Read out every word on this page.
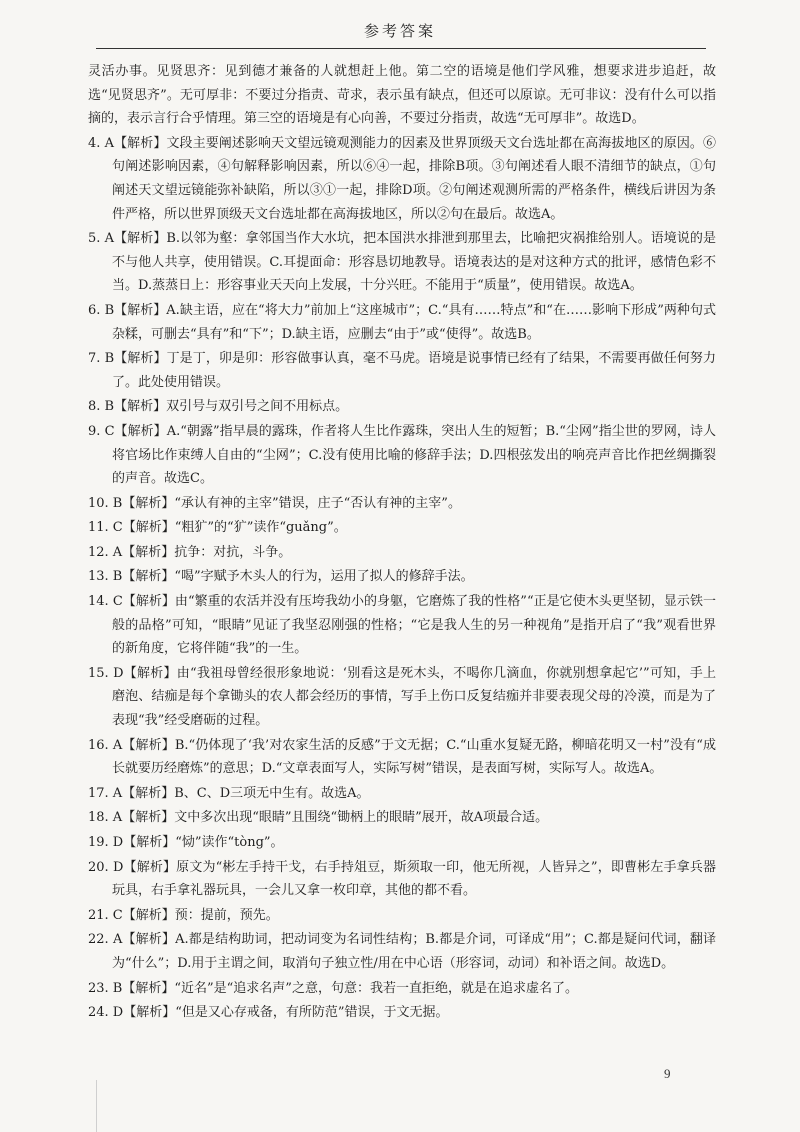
参考答案

灵活办事。见贤思齐：见到德才兼备的人就想赶上他。第二空的语境是他们学风雅，想要求进步追赶，故选“见贤思齐”。无可厚非：不要过分指责、苛求，表示虽有缺点，但还可以原谅。无可非议：没有什么可以指摘的，表示言行合乎情理。第三空的语境是有心向善，不要过分指责，故选“无可厚非”。故选D。

4. A【解析】文段主要阐述影响天文望远镜观测能力的因素及世界顶级天文台选址都在高海拔地区的原因。⑥句阐述影响因素，④句解释影响因素，所以⑥④一起，排除B项。③句阐述看人眼不清细节的缺点，①句阐述天文望远镜能弥补缺陷，所以③①一起，排除D项。②句阐述观测所需的严格条件，横线后讲因为条件严格，所以世界顶级天文台选址都在高海拔地区，所以②句在最后。故选A。

5. A【解析】B.以邻为壑：拿邻国当作大水坑，把本国洪水排泄到那里去，比喻把灾祸推给别人。语境说的是不与他人共享，使用错误。C.耳提面命：形容恳切地教导。语境表达的是对这种方式的批评，感情色彩不当。D.蒸蒸日上：形容事业天天向上发展，十分兴旺。不能用于“质量”，使用错误。故选A。

6. B【解析】A.缺主语，应在“将大力”前加上“这座城市”；C.“具有……特点”和“在……影响下形成”两种句式杂糅，可删去“具有”和“下”；D.缺主语，应删去“由于”或“使得”。故选B。

7. B【解析】丁是丁，卯是卯：形容做事认真，毫不马虎。语境是说事情已经有了结果，不需要再做任何努力了。此处使用错误。

8. B【解析】双引号与双引号之间不用标点。

9. C【解析】A.“朝露”指早晨的露珠，作者将人生比作露珠，突出人生的短暂；B.“尘网”指尘世的罗网，诗人将官场比作束缚人自由的“尘网”；C.没有使用比喻的修辞手法；D.四根弦发出的响亮声音比作把丝绸撕裂的声音。故选C。

10. B【解析】“承认有神的主宰”错误，庄子“否认有神的主宰”。

11. C【解析】“粗犷”的“犷”读作“guǎng”。

12. A【解析】抗争：对抗，斗争。

13. B【解析】“喝”字赋予木头人的行为，运用了拟人的修辞手法。

14. C【解析】由“繁重的农活并没有压垮我幼小的身躯，它磨炼了我的性格”“正是它使木头更坚韧，显示铁一般的品格”可知，“眼睛”见证了我坚忍刚强的性格；“它是我人生的另一种视角”是指开启了“我”观看世界的新角度，它将伴随“我”的一生。

15. D【解析】由“我祖母曾经很形象地说：‘别看这是死木头，不喝你几滴血，你就别想拿起它’”可知，手上磨泡、结痂是每个拿锄头的农人都会经历的事情，写手上伤口反复结痂并非要表现父母的冷漠，而是为了表现“我”经受磨砺的过程。

16. A【解析】B.“仍体现了‘我’对农家生活的反感”于文无据；C.“山重水复疑无路，柳暗花明又一村”没有“成长就要历经磨炼”的意思；D.“文章表面写人，实际写树”错误，是表面写树，实际写人。故选A。

17. A【解析】B、C、D三项无中生有。故选A。

18. A【解析】文中多次出现“眼睛”且围绕“锄柄上的眼睛”展开，故A项最合适。

19. D【解析】“恸”读作“tòng”。

20. D【解析】原文为“彬左手持干戈，右手持俎豆，斯须取一印，他无所视，人皆异之”，即曹彬左手拿兵器玩具，右手拿礼器玩具，一会儿又拿一枚印章，其他的都不看。

21. C【解析】预：提前，预先。

22. A【解析】A.都是结构助词，把动词变为名词性结构；B.都是介词，可译成“用”；C.都是疑问代词，翻译为“什么”；D.用于主谓之间，取消句子独立性/用在中心语（形容词，动词）和补语之间。故选D。

23. B【解析】“近名”是“追求名声”之意，句意：我若一直拒绝，就是在追求虚名了。

24. D【解析】“但是又心存戒备，有所防范”错误，于文无据。

9
